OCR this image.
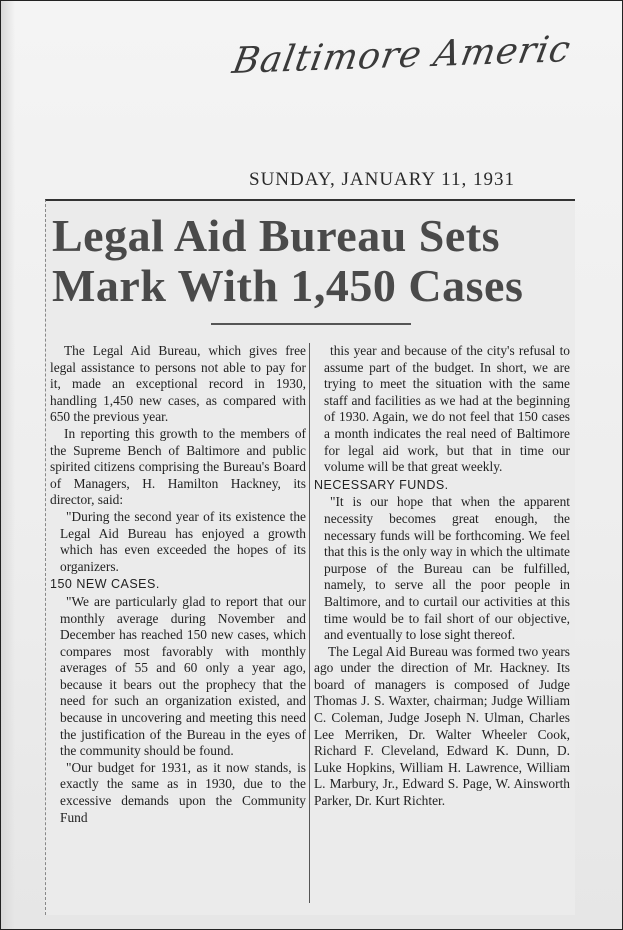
Baltimore Americ
SUNDAY, JANUARY 11, 1931
Legal Aid Bureau Sets
Mark With 1,450 Cases

The Legal Aid Bureau, which gives free legal assistance to persons not able to pay for it, made an exceptional record in 1930, handling 1,450 new cases, as compared with 650 the previous year.

In reporting this growth to the members of the Supreme Bench of Baltimore and public spirited citizens comprising the Bureau's Board of Managers, H. Hamilton Hackney, its director, said:

"During the second year of its existence the Legal Aid Bureau has enjoyed a growth which has even exceeded the hopes of its organizers.

150 NEW CASES.

"We are particularly glad to report that our monthly average during November and December has reached 150 new cases, which compares most favorably with monthly averages of 55 and 60 only a year ago, because it bears out the prophecy that the need for such an organization existed, and because in uncovering and meeting this need the justification of the Bureau in the eyes of the community should be found.

"Our budget for 1931, as it now stands, is exactly the same as in 1930, due to the excessive demands upon the Community Fund

this year and because of the city's refusal to assume part of the budget. In short, we are trying to meet the situation with the same staff and facilities as we had at the beginning of 1930. Again, we do not feel that 150 cases a month indicates the real need of Baltimore for legal aid work, but that in time our volume will be that great weekly.

NECESSARY FUNDS.

"It is our hope that when the apparent necessity becomes great enough, the necessary funds will be forthcoming. We feel that this is the only way in which the ultimate purpose of the Bureau can be fulfilled, namely, to serve all the poor people in Baltimore, and to curtail our activities at this time would be to fail short of our objective, and eventually to lose sight thereof.

The Legal Aid Bureau was formed two years ago under the direction of Mr. Hackney. Its board of managers is composed of Judge Thomas J. S. Waxter, chairman; Judge William C. Coleman, Judge Joseph N. Ulman, Charles Lee Merriken, Dr. Walter Wheeler Cook, Richard F. Cleveland, Edward K. Dunn, D. Luke Hopkins, William H. Lawrence, William L. Marbury, Jr., Edward S. Page, W. Ainsworth Parker, Dr. Kurt Richter.
